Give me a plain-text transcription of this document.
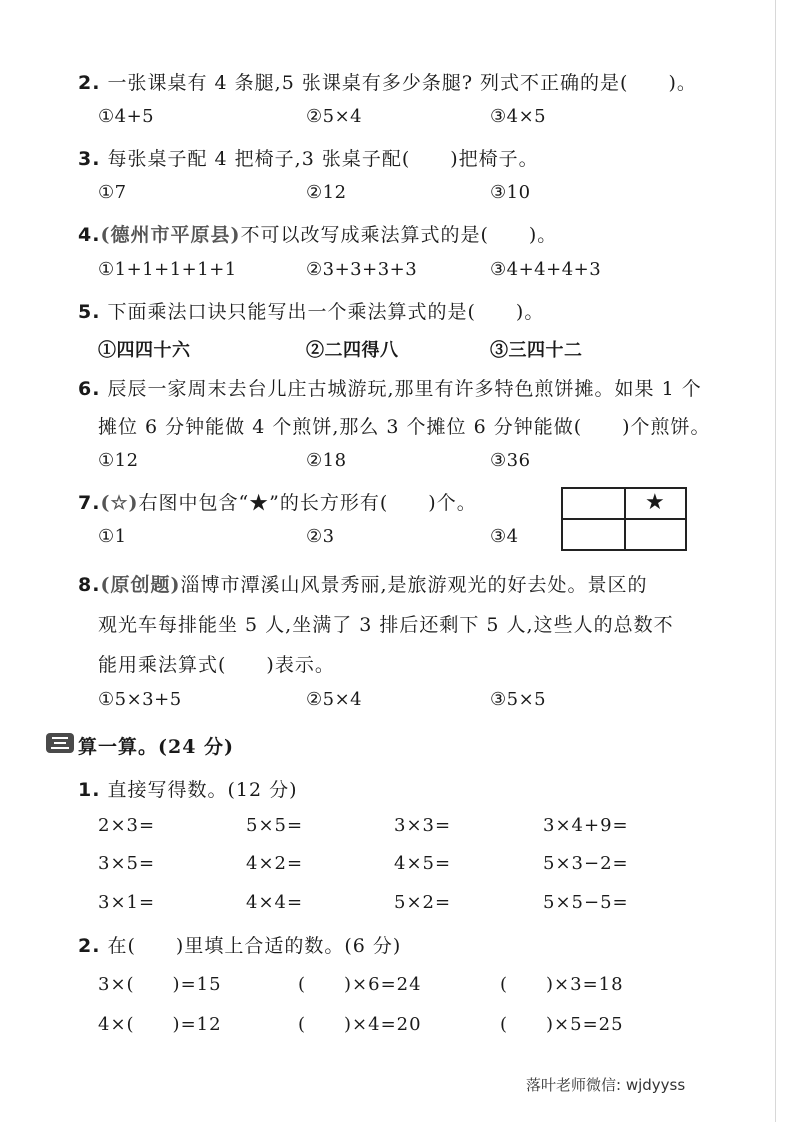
2. 一张课桌有 4 条腿,5 张课桌有多少条腿? 列式不正确的是(　　)。
①4+5	②5×4	③4×5
3. 每张桌子配 4 把椅子,3 张桌子配(　　)把椅子。
①7	②12	③10
4.(德州市平原县)不可以改写成乘法算式的是(　　)。
①1+1+1+1+1	②3+3+3+3	③4+4+4+3
5. 下面乘法口诀只能写出一个乘法算式的是(　　)。
①四四十六	②二四得八	③三四十二
6. 辰辰一家周末去台儿庄古城游玩,那里有许多特色煎饼摊。如果 1 个
摊位 6 分钟能做 4 个煎饼,那么 3 个摊位 6 分钟能做(　　)个煎饼。
①12	②18	③36
7.(☆)右图中包含“★”的长方形有(　　)个。
①1	②3	③4
★
8.(原创题)淄博市潭溪山风景秀丽,是旅游观光的好去处。景区的
观光车每排能坐 5 人,坐满了 3 排后还剩下 5 人,这些人的总数不
能用乘法算式(　　)表示。
①5×3+5	②5×4	③5×5
算一算。(24 分)
1. 直接写得数。(12 分)
2×3=	5×5=	3×3=	3×4+9=
3×5=	4×2=	4×5=	5×3−2=
3×1=	4×4=	5×2=	5×5−5=
2. 在(　　)里填上合适的数。(6 分)
3×(　　)=15	(　　)×6=24	(　　)×3=18
4×(　　)=12	(　　)×4=20	(　　)×5=25
落叶老师微信: wjdyyss
